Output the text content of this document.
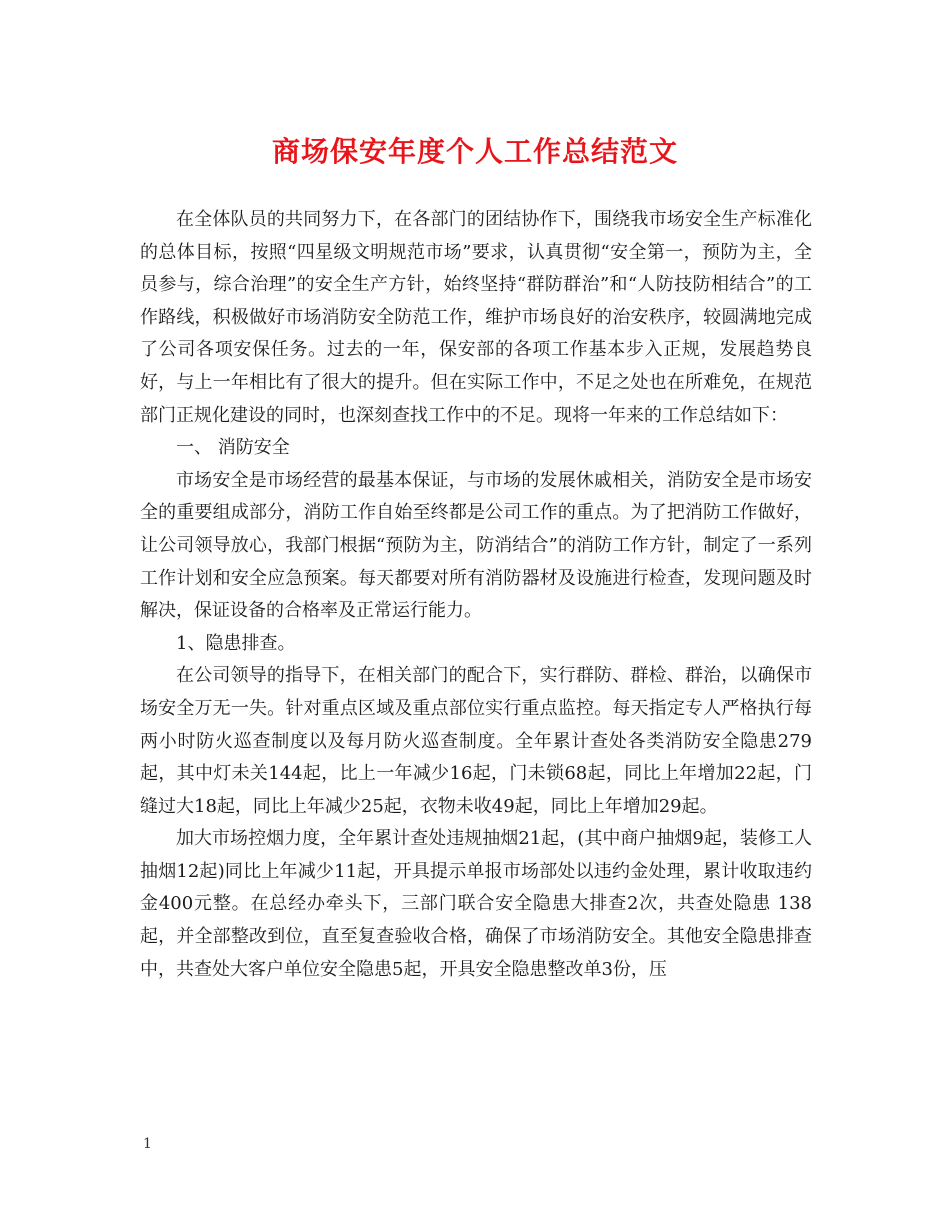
商场保安年度个人工作总结范文

在全体队员的共同努力下，在各部门的团结协作下，围绕我市场安全生产标准化的总体目标，按照“四星级文明规范市场”要求，认真贯彻“安全第一，预防为主，全员参与，综合治理”的安全生产方针，始终坚持“群防群治”和“人防技防相结合”的工作路线，积极做好市场消防安全防范工作，维护市场良好的治安秩序，较圆满地完成了公司各项安保任务。过去的一年，保安部的各项工作基本步入正规，发展趋势良好，与上一年相比有了很大的提升。但在实际工作中，不足之处也在所难免，在规范部门正规化建设的同时，也深刻查找工作中的不足。现将一年来的工作总结如下：

一、 消防安全

市场安全是市场经营的最基本保证，与市场的发展休戚相关，消防安全是市场安全的重要组成部分，消防工作自始至终都是公司工作的重点。为了把消防工作做好，让公司领导放心，我部门根据“预防为主，防消结合”的消防工作方针，制定了一系列工作计划和安全应急预案。每天都要对所有消防器材及设施进行检查，发现问题及时解决，保证设备的合格率及正常运行能力。

1、隐患排查。

在公司领导的指导下，在相关部门的配合下，实行群防、群检、群治，以确保市场安全万无一失。针对重点区域及重点部位实行重点监控。每天指定专人严格执行每两小时防火巡查制度以及每月防火巡查制度。全年累计查处各类消防安全隐患279起，其中灯未关144起，比上一年减少16起，门未锁68起，同比上年增加22起，门缝过大18起，同比上年减少25起，衣物未收49起，同比上年增加29起。

加大市场控烟力度，全年累计查处违规抽烟21起，(其中商户抽烟9起，装修工人抽烟12起)同比上年减少11起，开具提示单报市场部处以违约金处理，累计收取违约金400元整。在总经办牵头下，三部门联合安全隐患大排查2次，共查处隐患 138 起，并全部整改到位，直至复查验收合格，确保了市场消防安全。其他安全隐患排查中，共查处大客户单位安全隐患5起，开具安全隐患整改单3份，压

1
